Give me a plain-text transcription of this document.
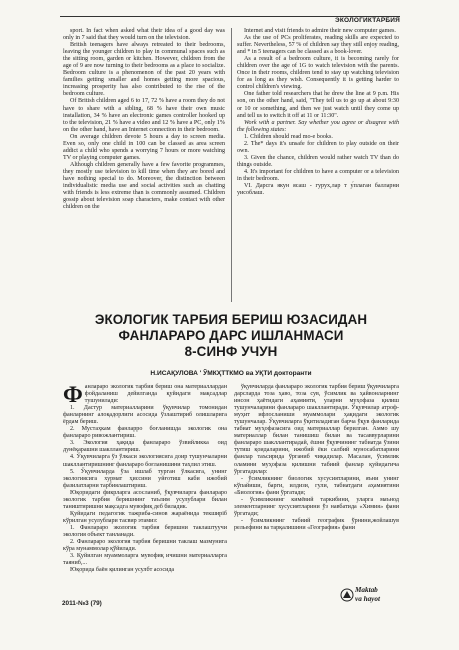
ЭКОЛОГИКТАРБИЯ

sport. In fact when asked what their idea of a good day was only in 7 said that they would turn on the television.

British teenagers have always retreated to their bedrooms, leaving the younger children to play in communal spaces such as the sitting room, garden or kitchen. However, children from the age of 9 are now turning to their bedrooms as a place to socialize. Bedroom culture is a phenomenon of the past 20 years with families getting smaller and homes getting more spacious, increasing prosperity has also contributed to the rise of the bedroom culture.

Of British children aged 6 to 17, 72 % have a room they do not have to share with a sibling, 68 % have their own music installation, 34 % have an electronic games controller hooked up to the television, 21 % have a video and 12 % have a PC, only 1% on the other hand, have an Internet connection in their bedroom.

On average children devote 5 hours a day to screen media. Even so, only one child in 100 can be classed as area screen addict a child who spends a worrying 7 hours or more watching TV or playing computer games.

Although children generally have a few favorite programmes, they mostly use television to kill time when they are bored and have nothing special to do. Moreover, the distinction between individualistic media use and social activities such as chatting with friends is less extreme than is commonly assumed. Children gossip about television soap characters, make contact with other children on the

Internet and visit friends to admire their new computer games.

As the use of PCs proliferates, reading skills are expected to suffer. Nevertheless, 57 % of children say they still enjoy reading, and * in 5 teenagers can be classed as a book-lover.

As a result of a bedroom culture, it is becoming rarely for children over the age of 1G to watch television with the parents. Once in their rooms, children tend to stay up watching television for as long as they wish. Consequently it is getting harder to control children's viewing.

One father told researchers that he drew the line at 9 p.m. His son, on the other hand, said, "They tell us to go up at about 9:30 or 10 or something, and then we just watch until they come up and tell us to switch it off at 11 or 11:30".

Work with a partner. Say whether you agree or disagree with the following states:

1. Children should read mo-e books.

2. The* days it's unsafe for children to play outside on their own.

3. Given the chance, children would rather watch TV than do things outside.

4. It's important for children to have a computer or a television in their bedroom.

VI. Дарсга якун ясаш - гурух,лар т у́плаган балларни уисоблаш.

ЭКОЛОГИК ТАРБИЯ БЕРИШ ЮЗАСИДАН
ФАНЛАРАРО ДАРС ИШЛАНМАСИ
8-СИНФ УЧУН
Н.ИСАҚУЛОВА ' ЎМКҲТТКМО ва УҚТИ докторанти

Фанлараро экологик тарбия бериш она материаллардан фойдаланиш дейилганда қуйидаги мақсадлар тушунилади:

1. Дастур материалларини ўқувчилар томонидан фанларнинг алоқадорлиги асосида ўзлаштириб олишларига ёрдам бериш.

2. Мустаҳкам фанларро боғланишда экологик она фанлараро ривожлантириш.

3. Экология ҳақида фанлараро ўзвийликка оид дунёқарашни шакллантириш.

4. Ўқувчиларга ўз ўлкаси экологиясига доир тушунчаларни шакллантиришнинг фанлараро боғланишини таҳлил этиш.

5. Ўқувчиларда ўза ишлаб турган ўлкасига, унинг экологиясига хурмат ҳиссини уйғотиш каби ижобий фазилатларни тарбиялаштириш.

Юқоридаги фикрларга асосланиб, ўқувчиларга фанлараро экологик тарбия беришнинг таълим усулублари билан таништиришни мақсадга мувофиқ деб биладик.

Қуйидаги педагогик тажриба-синов жараёнида текширіб кўрилган усулублари тасвир этамиз:

1. Фанлараро экологик тарбия беришни таклаштуучи экология объект танланади.

2. Фанлараро экология тарбия беришни таклаш мазмунига кўра мунаммолар қўйилади.

3. Қуйилган муаммоларга мувофиқ ичишни материалларга таяниб,...

Юқорида баён қилинган усулбт асосида

ўқувчиларда фанлараро экологик тарбия бериш ўқувчиларга дарсларда тоза ҳаво, тоза сув, ўсимлик ва ҳайвонларнинг инсон ҳаётидаги аҳамияти, уларни муҳофаза қилиш тушунчаларини фанлараро шакллантиради. Ўқувчилар атроф-муҳит ифлосланиши муаммолари ҳақидаги экологик тушунчалар. Ўқувчиларга ўқитиладиган барча ўқув фанларида табиат муҳофазасига оид материаллар берилган. Аммо шу материаллар билан танишиш билан ва тасаввурларини фанлараро шакллантирадай, ёшни ўқувчининг табиатда ўзини тутиш қоидаларини, ижобий ёки салбий муносабатларини фанлар таъсирида ўрганиб чиқадилар. Масалан, ўсимлик оламини муҳофаза қилишни табиий фанлар қуйидагича ўргатадилар:

- ўсимликнинг биологик хусусиятларини, яъни унинг кўпайиши, барги, илдизи, гули, табиатдаги аҳамиятини «Биология» фани ўргатади;

- ўсимликнинг кимёвий таркибини, уларга маънод элементларнинг хусусиятларини ўз навбатида «Химия» фани ўргатади;

- ўсимликнинг табиий географик ўрнини,жойлашув рельефини ва тарқалишини «География» фани

2011-№3 (79)
Maktab
va hayot
